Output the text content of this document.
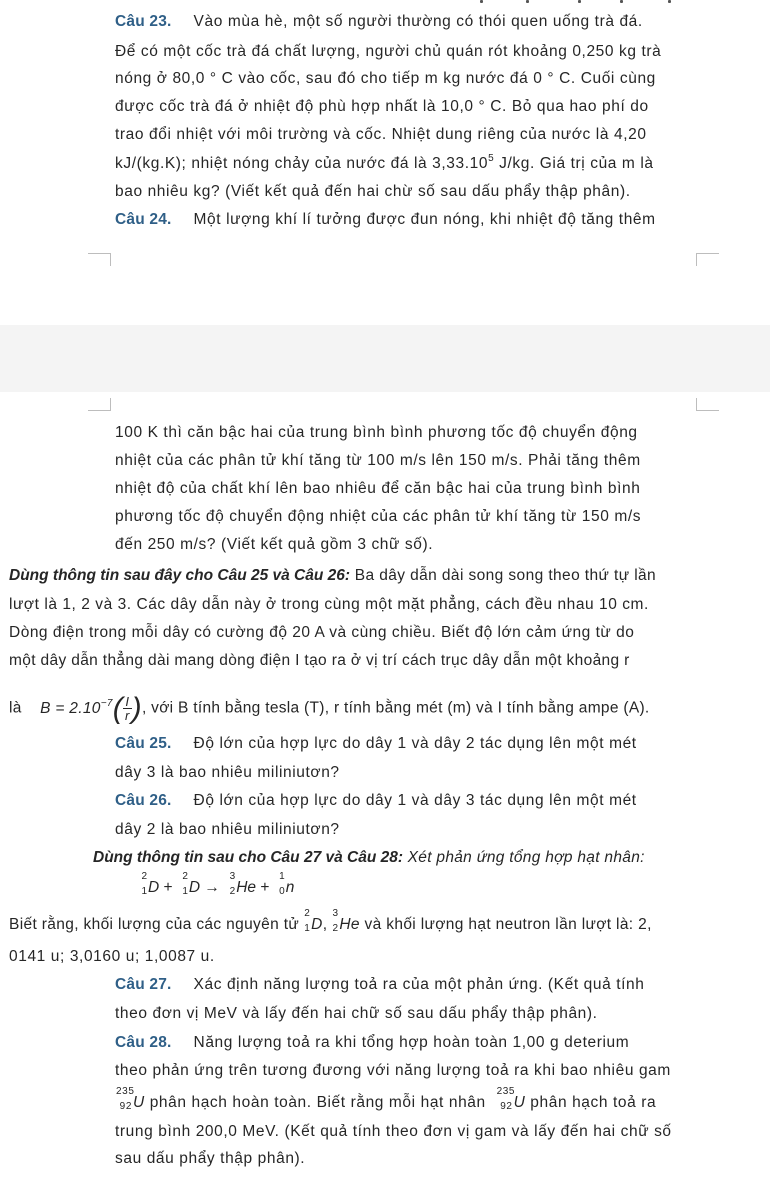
Câu 23. Vào mùa hè, một số người thường có thói quen uống trà đá.
Để có một cốc trà đá chất lượng, người chủ quán rót khoảng 0,250 kg trà
nóng ở 80,0 ° C vào cốc, sau đó cho tiếp m kg nước đá 0 ° C. Cuối cùng
được cốc trà đá ở nhiệt độ phù hợp nhất là 10,0 ° C. Bỏ qua hao phí do
trao đổi nhiệt với môi trường và cốc. Nhiệt dung riêng của nước là 4,20
kJ/(kg.K); nhiệt nóng chảy của nước đá là 3,33.10$^5$ J/kg. Giá trị của m là
bao nhiêu kg? (Viết kết quả đến hai chừ số sau dấu phẩy thập phân).
Câu 24. Một lượng khí lí tưởng được đun nóng, khi nhiệt độ tăng thêm
100 K thì căn bậc hai của trung bình bình phương tốc độ chuyển động
nhiệt của các phân tử khí tăng từ 100 m/s lên 150 m/s. Phải tăng thêm
nhiệt độ của chất khí lên bao nhiêu để căn bậc hai của trung bình bình
phương tốc độ chuyển động nhiệt của các phân tử khí tăng từ 150 m/s
đến 250 m/s? (Viết kết quả gồm 3 chữ số).
Dùng thông tin sau đây cho Câu 25 và Câu 26: Ba dây dẫn dài song song theo thứ tự lần
lượt là 1, 2 và 3. Các dây dẫn này ở trong cùng một mặt phẳng, cách đều nhau 10 cm.
Dòng điện trong mỗi dây có cường độ 20 A và cùng chiều. Biết độ lớn cảm ứng từ do
một dây dẫn thẳng dài mang dòng điện I tạo ra ở vị trí cách trục dây dẫn một khoảng r
là $B = 2.10^{-7}( \frac{I}{r}$ ), với B tính bằng tesla (T), r tính bằng mét (m) và I tính bằng ampe (A).
Câu 25. Độ lớn của hợp lực do dây 1 và dây 2 tác dụng lên một mét
dây 3 là bao nhiêu miliniutơn?
Câu 26. Độ lớn của hợp lực do dây 1 và dây 3 tác dụng lên một mét
dây 2 là bao nhiêu miliniutơn?
Dùng thông tin sau cho Câu 27 và Câu 28: Xét phản ứng tổng hợp hạt nhân:
2
1 D +
2
1 D →
3
2 He +
1
0 n
Biết rằng, khối lượng của các nguyên tử
2
1 D,
3
2 He và khối lượng hạt neutron lần lượt là: 2,
0141 u; 3,0160 u; 1,0087 u.
Câu 27. Xác định năng lượng toả ra của một phản ứng. (Kết quả tính
theo đơn vị MeV và lấy đến hai chữ số sau dấu phẩy thập phân).
Câu 28. Năng lượng toả ra khi tổng hợp hoàn toàn 1,00 g deterium
theo phản ứng trên tương đương với năng lượng toả ra khi bao nhiêu gam
235
92 U phân hạch hoàn toàn. Biết rằng mỗi hạt nhân
235
92 U phân hạch toả ra
trung bình 200,0 MeV. (Kết quả tính theo đơn vị gam và lấy đến hai chữ số
sau dấu phẩy thập phân).
